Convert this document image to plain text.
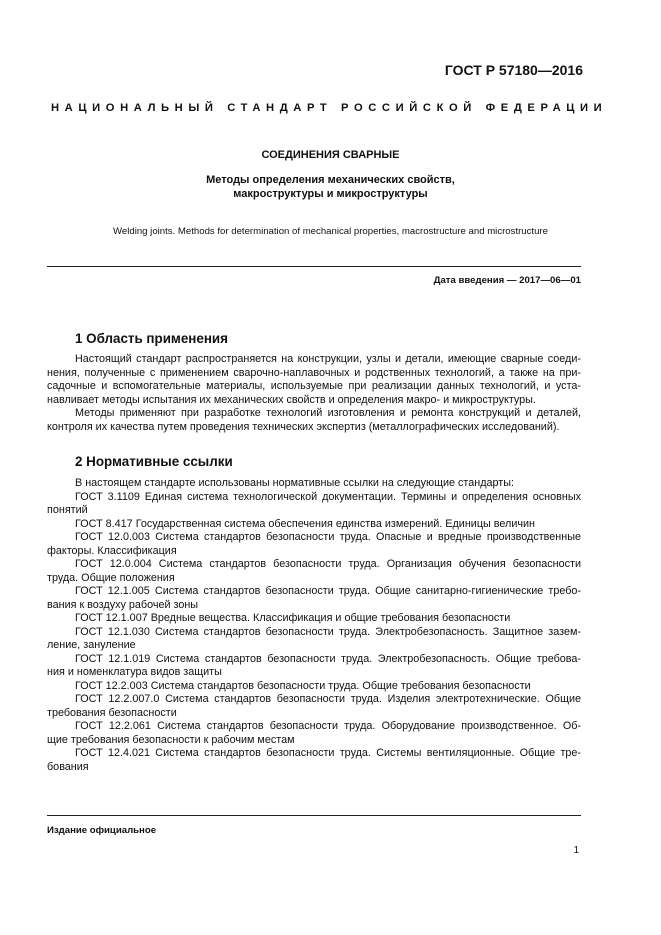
ГОСТ Р 57180—2016
НАЦИОНАЛЬНЫЙ СТАНДАРТ РОССИЙСКОЙ ФЕДЕРАЦИИ
СОЕДИНЕНИЯ СВАРНЫЕ
Методы определения механических свойств,
макроструктуры и микроструктуры
Welding joints. Methods for determination of mechanical properties, macrostructure and microstructure
Дата введения — 2017—06—01
1 Область применения
Настоящий стандарт распространяется на конструкции, узлы и детали, имеющие сварные соеди-
нения, полученные с применением сварочно-наплавочных и родственных технологий, а также на при-
садочные и вспомогательные материалы, используемые при реализации данных технологий, и уста-
навливает методы испытания их механических свойств и определения макро- и микроструктуры.
Методы применяют при разработке технологий изготовления и ремонта конструкций и деталей,
контроля их качества путем проведения технических экспертиз (металлографических исследований).
2 Нормативные ссылки
В настоящем стандарте использованы нормативные ссылки на следующие стандарты:
ГОСТ 3.1109 Единая система технологической документации. Термины и определения основных
понятий
ГОСТ 8.417 Государственная система обеспечения единства измерений. Единицы величин
ГОСТ 12.0.003 Система стандартов безопасности труда. Опасные и вредные производственные
факторы. Классификация
ГОСТ 12.0.004 Система стандартов безопасности труда. Организация обучения безопасности
труда. Общие положения
ГОСТ 12.1.005 Система стандартов безопасности труда. Общие санитарно-гигиенические требо-
вания к воздуху рабочей зоны
ГОСТ 12.1.007 Вредные вещества. Классификация и общие требования безопасности
ГОСТ 12.1.030 Система стандартов безопасности труда. Электробезопасность. Защитное зазем-
ление, зануление
ГОСТ 12.1.019 Система стандартов безопасности труда. Электробезопасность. Общие требова-
ния и номенклатура видов защиты
ГОСТ 12.2.003 Система стандартов безопасности труда. Общие требования безопасности
ГОСТ 12.2.007.0 Система стандартов безопасности труда. Изделия электротехнические. Общие
требования безопасности
ГОСТ 12.2.061 Система стандартов безопасности труда. Оборудование производственное. Об-
щие требования безопасности к рабочим местам
ГОСТ 12.4.021 Система стандартов безопасности труда. Системы вентиляционные. Общие тре-
бования
Издание официальное
1
